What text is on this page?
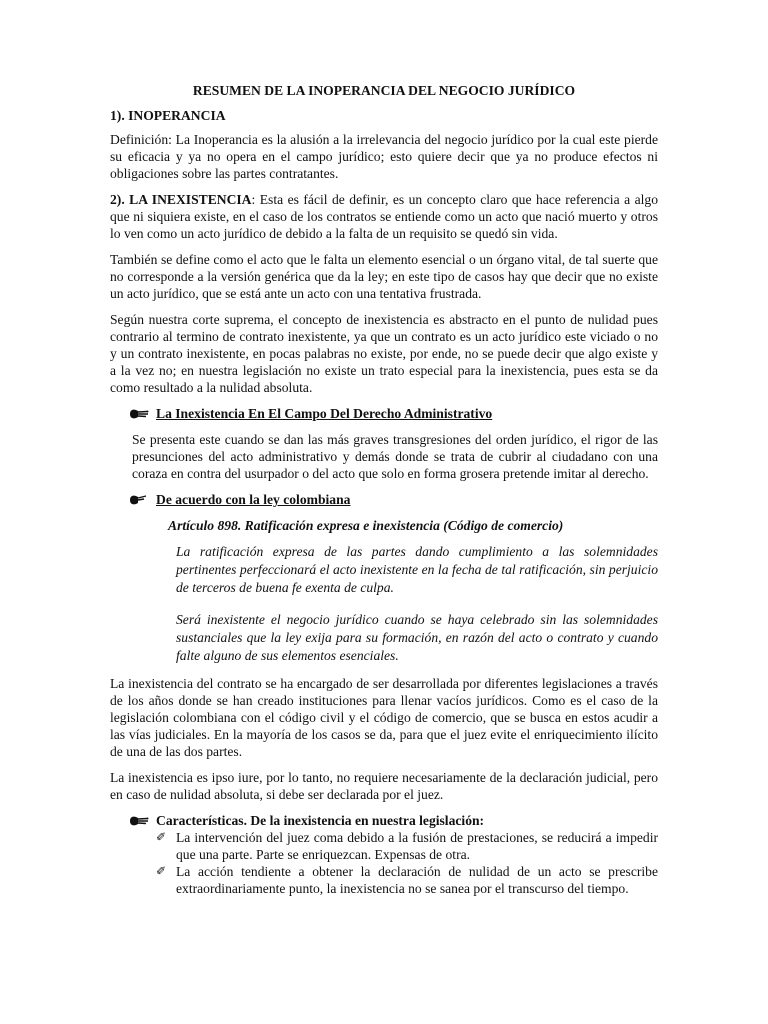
RESUMEN DE LA INOPERANCIA DEL NEGOCIO JURÍDICO

1). INOPERANCIA

Definición: La Inoperancia es la alusión a la irrelevancia del negocio jurídico por la cual este pierde su eficacia y ya no opera en el campo jurídico; esto quiere decir que ya no produce efectos ni obligaciones sobre las partes contratantes.

2). LA INEXISTENCIA: Esta es fácil de definir, es un concepto claro que hace referencia a algo que ni siquiera existe, en el caso de los contratos se entiende como un acto que nació muerto y otros lo ven como un acto jurídico de debido a la falta de un requisito se quedó sin vida.

También se define como el acto que le falta un elemento esencial o un órgano vital, de tal suerte que no corresponde a la versión genérica que da la ley; en este tipo de casos hay que decir que no existe un acto jurídico, que se está ante un acto con una tentativa frustrada.

Según nuestra corte suprema, el concepto de inexistencia es abstracto en el punto de nulidad pues contrario al termino de contrato inexistente, ya que un contrato es un acto jurídico este viciado o no y un contrato inexistente, en pocas palabras no existe, por ende, no se puede decir que algo existe y a la vez no; en nuestra legislación no existe un trato especial para la inexistencia, pues esta se da como resultado a la nulidad absoluta.

La Inexistencia En El Campo Del Derecho Administrativo

Se presenta este cuando se dan las más graves transgresiones del orden jurídico, el rigor de las presunciones del acto administrativo y demás donde se trata de cubrir al ciudadano con una coraza en contra del usurpador o del acto que solo en forma grosera pretende imitar al derecho.

De acuerdo con la ley colombiana

Artículo 898. Ratificación expresa e inexistencia (Código de comercio)

La ratificación expresa de las partes dando cumplimiento a las solemnidades pertinentes perfeccionará el acto inexistente en la fecha de tal ratificación, sin perjuicio de terceros de buena fe exenta de culpa.

Será inexistente el negocio jurídico cuando se haya celebrado sin las solemnidades sustanciales que la ley exija para su formación, en razón del acto o contrato y cuando falte alguno de sus elementos esenciales.

La inexistencia del contrato se ha encargado de ser desarrollada por diferentes legislaciones a través de los años donde se han creado instituciones para llenar vacíos jurídicos. Como es el caso de la legislación colombiana con el código civil y el código de comercio, que se busca en estos acudir a las vías judiciales. En la mayoría de los casos se da, para que el juez evite el enriquecimiento ilícito de una de las dos partes.

La inexistencia es ipso iure, por lo tanto, no requiere necesariamente de la declaración judicial, pero en caso de nulidad absoluta, si debe ser declarada por el juez.

Características. De la inexistencia en nuestra legislación:
✐ La intervención del juez coma debido a la fusión de prestaciones, se reducirá a impedir que una parte. Parte se enriquezcan. Expensas de otra.

✐ La acción tendiente a obtener la declaración de nulidad de un acto se prescribe extraordinariamente punto, la inexistencia no se sanea por el transcurso del tiempo.
